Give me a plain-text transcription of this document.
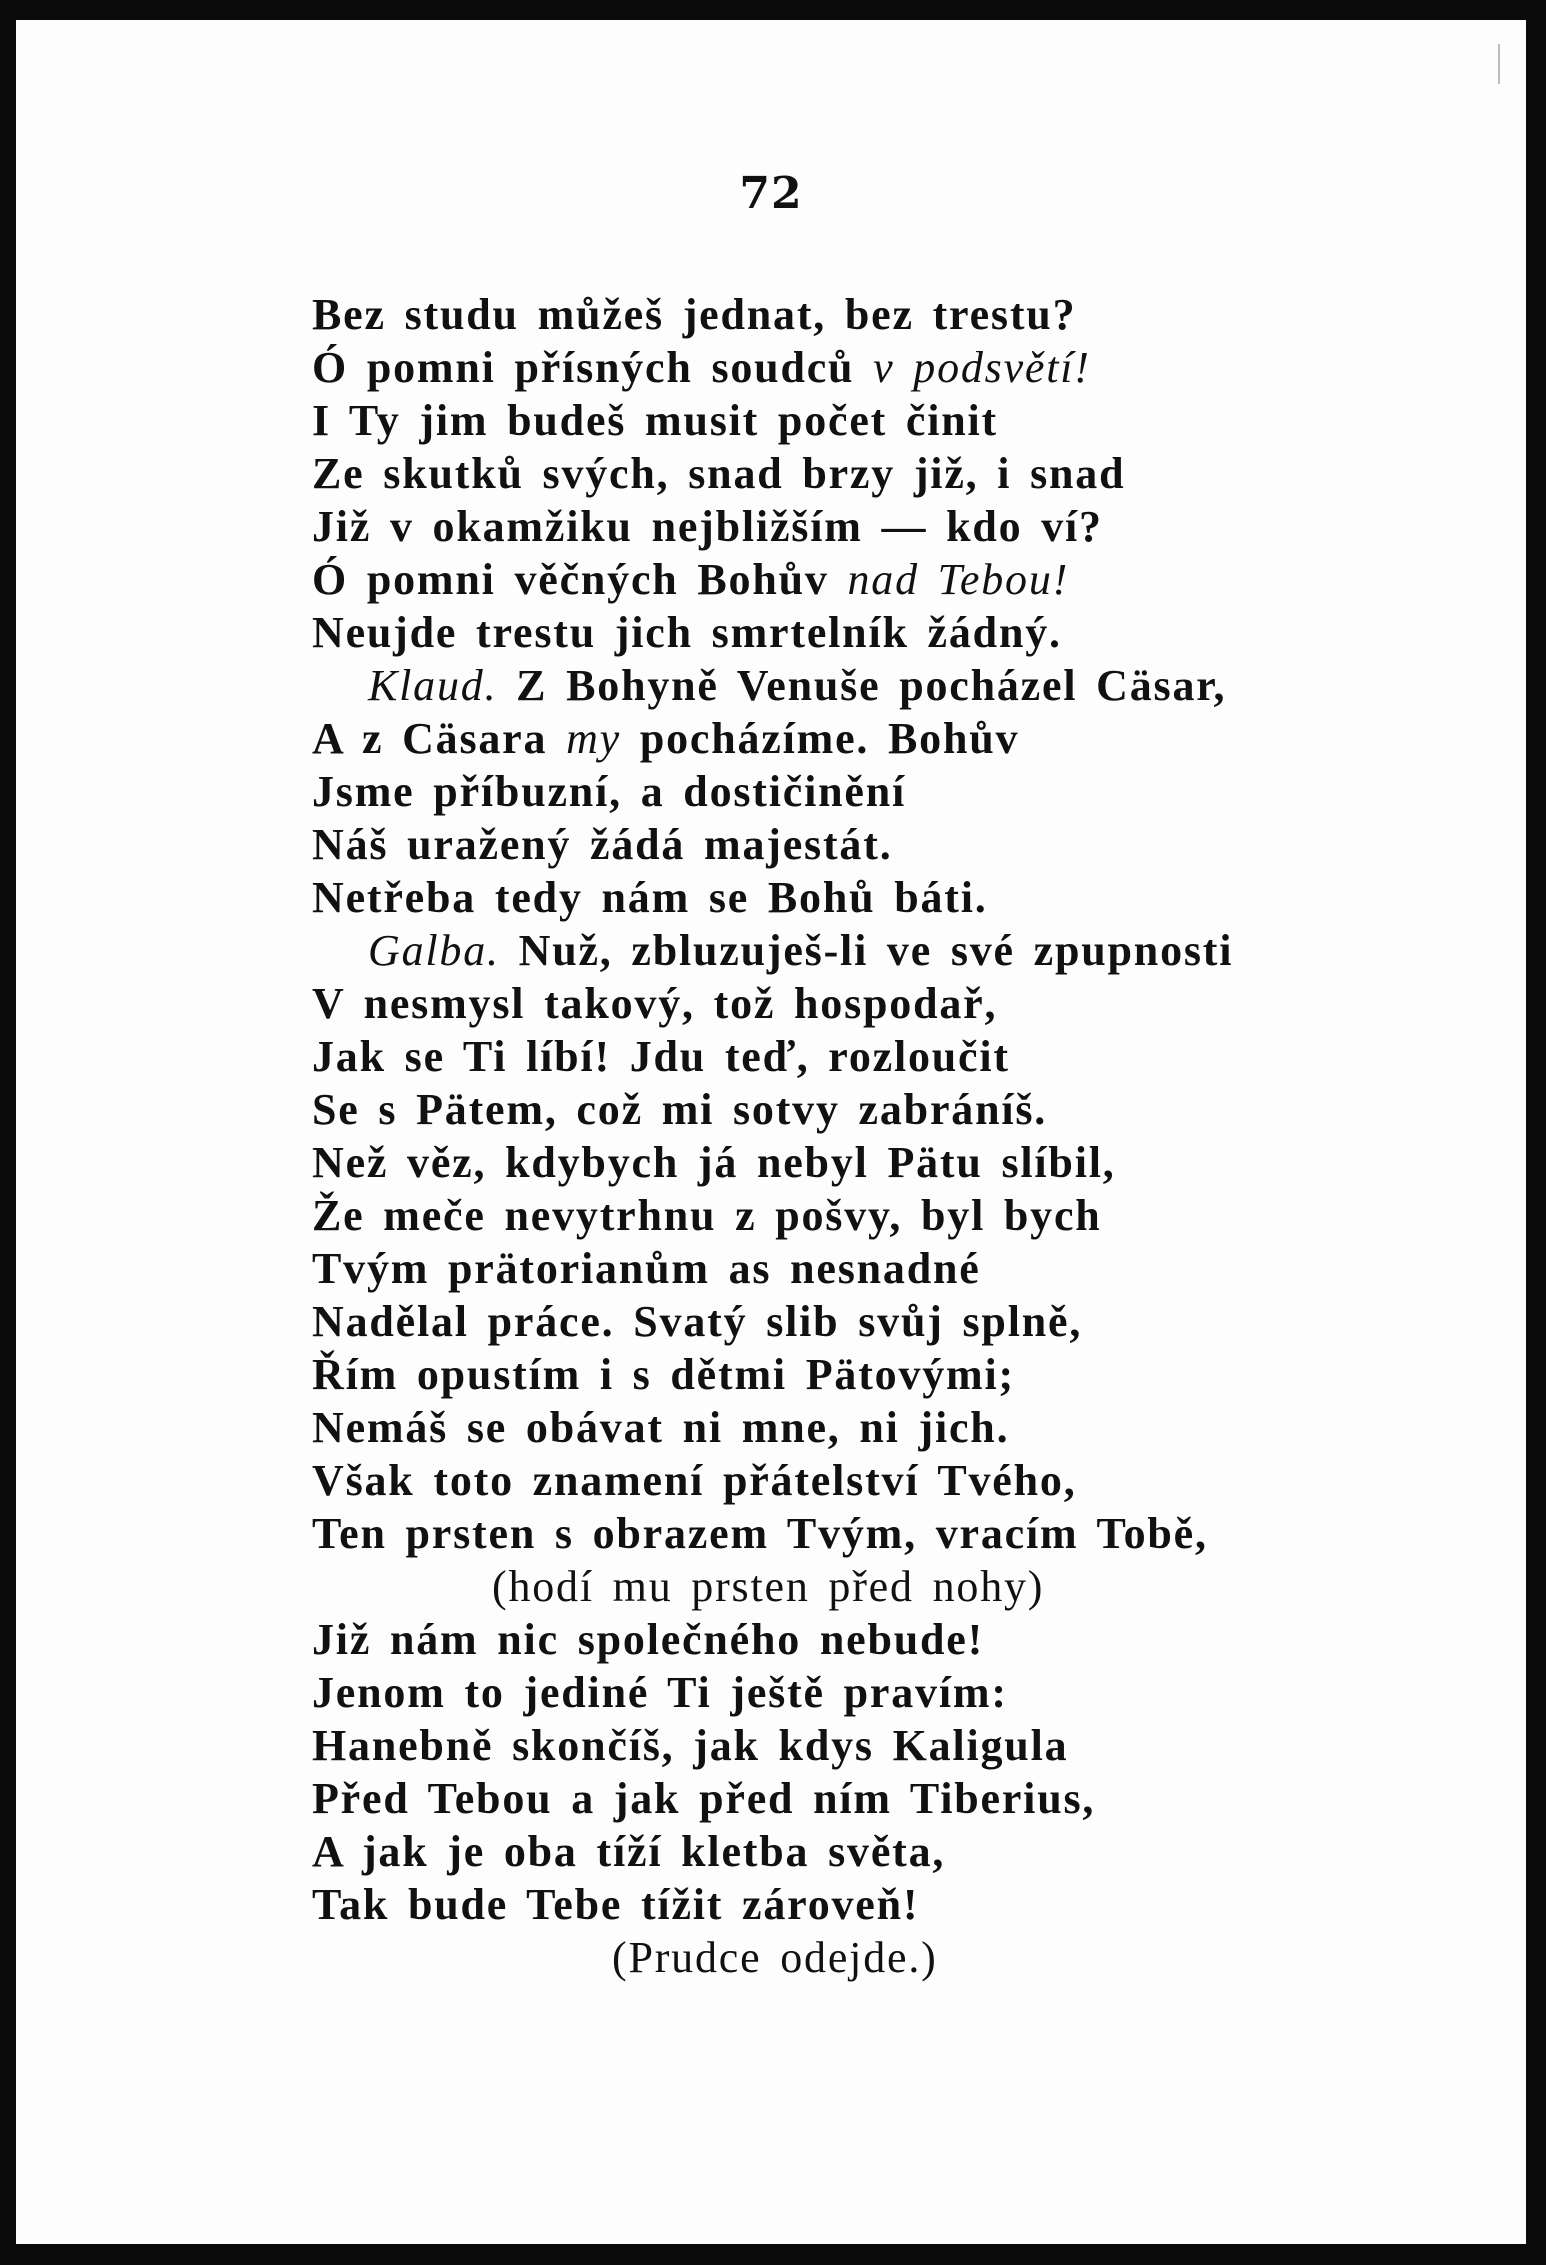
72
Bez studu můžeš jednat, bez trestu?
Ó pomni přísných soudců v podsvětí!
I Ty jim budeš musit počet činit
Ze skutků svých, snad brzy již, i snad
Již v okamžiku nejbližším — kdo ví?
Ó pomni věčných Bohův nad Tebou!
Neujde trestu jich smrtelník žádný.
Klaud. Z Bohyně Venuše pocházel Cäsar,
A z Cäsara my pocházíme. Bohův
Jsme příbuzní, a dostičinění
Náš uražený žádá majestát.
Netřeba tedy nám se Bohů báti.
Galba. Nuž, zbluzuješ-li ve své zpupnosti
V nesmysl takový, tož hospodař,
Jak se Ti líbí! Jdu teď, rozloučit
Se s Pätem, což mi sotvy zabráníš.
Než věz, kdybych já nebyl Pätu slíbil,
Že meče nevytrhnu z pošvy, byl bych
Tvým prätorianům as nesnadné
Nadělal práce. Svatý slib svůj splně,
Řím opustím i s dětmi Pätovými;
Nemáš se obávat ni mne, ni jich.
Však toto znamení přátelství Tvého,
Ten prsten s obrazem Tvým, vracím Tobě,
(hodí mu prsten před nohy)
Již nám nic společného nebude!
Jenom to jediné Ti ještě pravím:
Hanebně skončíš, jak kdys Kaligula
Před Tebou a jak před ním Tiberius,
A jak je oba tíží kletba světa,
Tak bude Tebe tížit zároveň!
(Prudce odejde.)
